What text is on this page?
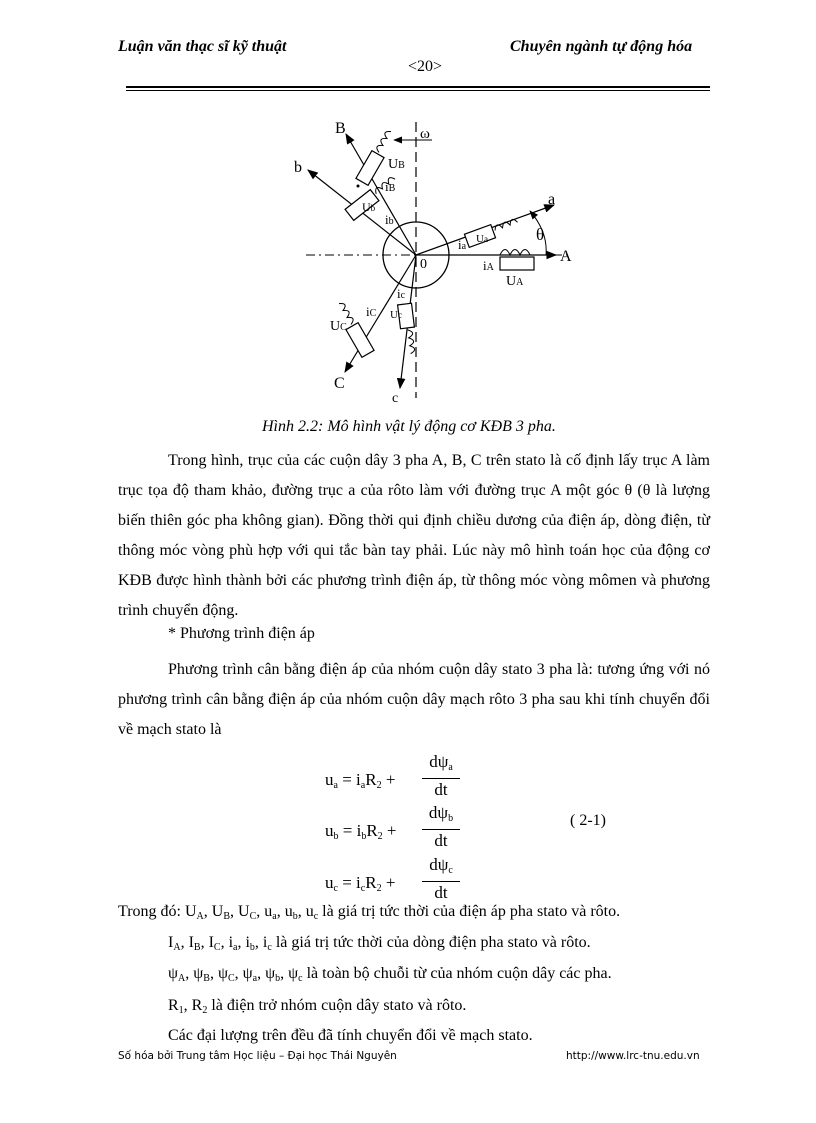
Luận văn thạc sĩ kỹ thuật	Chuyên ngành tự động hóa
<20>
B
b
ω
a
A
C
c
θ
0
UB
iB
Ub
ib
Ua
ia
iA
UA
UC
iC
ic
Uc
Hình 2.2: Mô hình vật lý động cơ KĐB 3 pha.
Trong hình, trục của các cuộn dây 3 pha A, B, C trên stato là cố định lấy trục A làm trục tọa độ tham khảo, đường trục a của rôto làm với đường trục A một góc θ (θ là lượng biến thiên góc pha không gian). Đồng thời qui định chiều dương của điện áp, dòng điện, từ thông móc vòng phù hợp với qui tắc bàn tay phải. Lúc này mô hình toán học của động cơ KĐB được hình thành bởi các phương trình điện áp, từ thông móc vòng mômen và phương trình chuyển động.
* Phương trình điện áp
Phương trình cân bằng điện áp của nhóm cuộn dây stato 3 pha là: tương ứng với nó phương trình cân bằng điện áp của nhóm cuộn dây mạch rôto 3 pha sau khi tính chuyển đổi về mạch stato là
$u_a = i_aR_2$ +
$d\psi_a$
dt
$u_b = i_bR_2$ +
$d\psi_b$
dt
$u_c = i_cR_2$ +
$d\psi_c$
dt
( 2-1)
Trong đó: $U_A$, $U_B$, $U_C$, $u_a$, $u_b$, $u_c$ là giá trị tức thời của điện áp pha stato và rôto.
$I_A$, $I_B$, $I_C$, $i_a$, $i_b$, $i_c$ là giá trị tức thời của dòng điện pha stato và rôto.
$\psi_A$, $\psi_B$, $\psi_C$, $\psi_a$, $\psi_b$, $\psi_c$ là toàn bộ chuỗi từ của nhóm cuộn dây các pha.
$R_1$, $R_2$ là điện trở nhóm cuộn dây stato và rôto.
Các đại lượng trên đều đã tính chuyển đổi về mạch stato.
Số hóa bởi Trung tâm Học liệu – Đại học Thái Nguyên	http://www.lrc-tnu.edu.vn
